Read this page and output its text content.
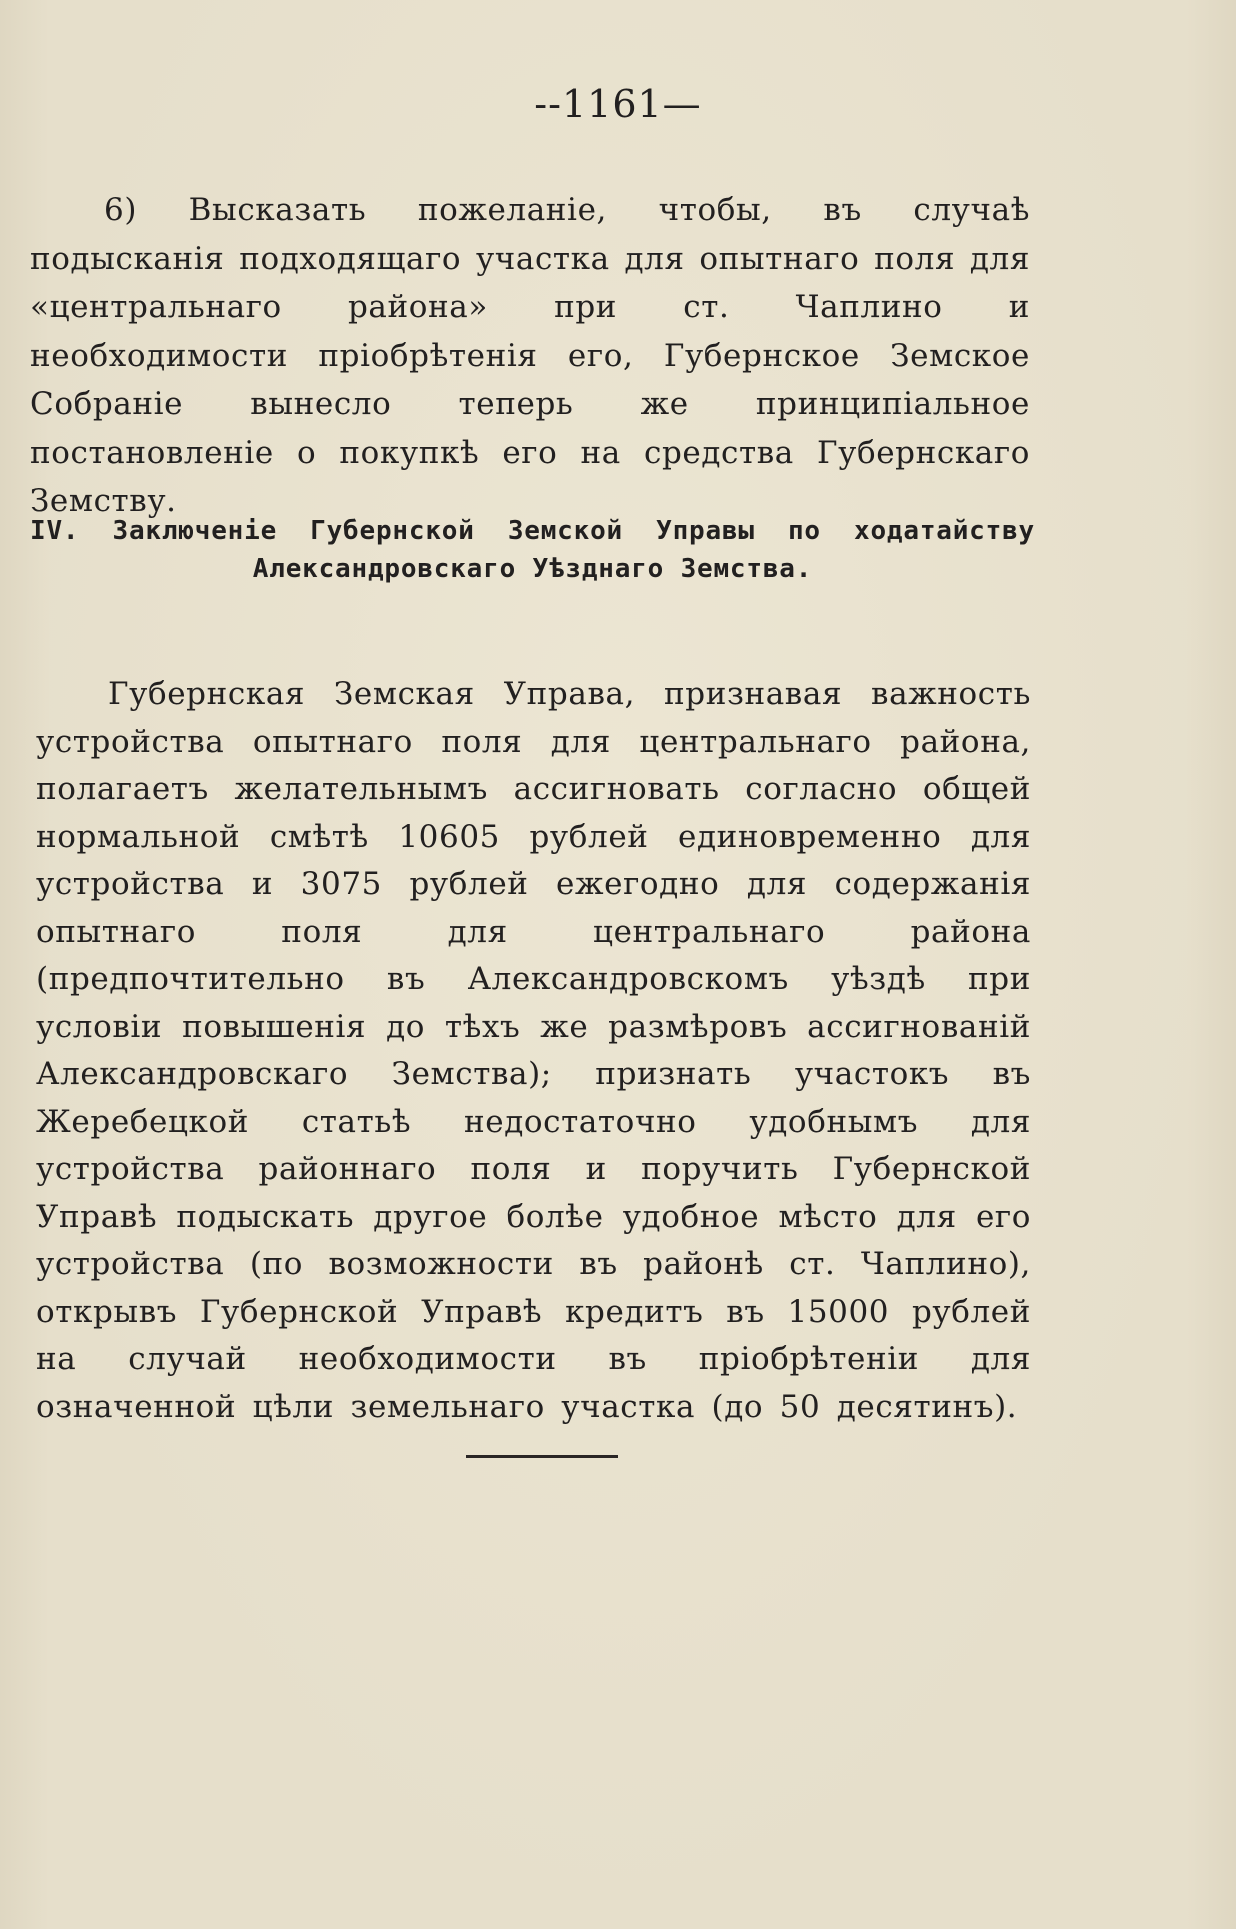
--1161—

6) Высказать пожеланіе, чтобы, въ случаѣ подысканія подходящаго участка для опытнаго поля для «центральнаго района» при ст. Чаплино и необходимости пріобрѣтенія его, Губернское Земское Собраніе вынесло теперь же принципіальное постановленіе о покупкѣ его на средства Губернскаго Земству.

IV. Заключеніе Губернской Земской Управы по ходатайству
Александровскаго Уѣзднаго Земства.

Губернская Земская Управа, признавая важность устройства опытнаго поля для центральнаго района, полагаетъ желательнымъ ассигновать согласно общей нормальной смѣтѣ 10605 рублей единовременно для устройства и 3075 рублей ежегодно для содержанія опытнаго поля для центральнаго района (предпочтительно въ Александровскомъ уѣздѣ при условіи повышенія до тѣхъ же размѣровъ ассигнованій Александровскаго Земства); признать участокъ въ Жеребецкой статьѣ недостаточно удобнымъ для устройства районнаго поля и поручить Губернской Управѣ подыскать другое болѣе удобное мѣсто для его устройства (по возможности въ районѣ ст. Чаплино), открывъ Губернской Управѣ кредитъ въ 15000 рублей на случай необходимости въ пріобрѣтеніи для означенной цѣли земельнаго участка (до 50 десятинъ).
